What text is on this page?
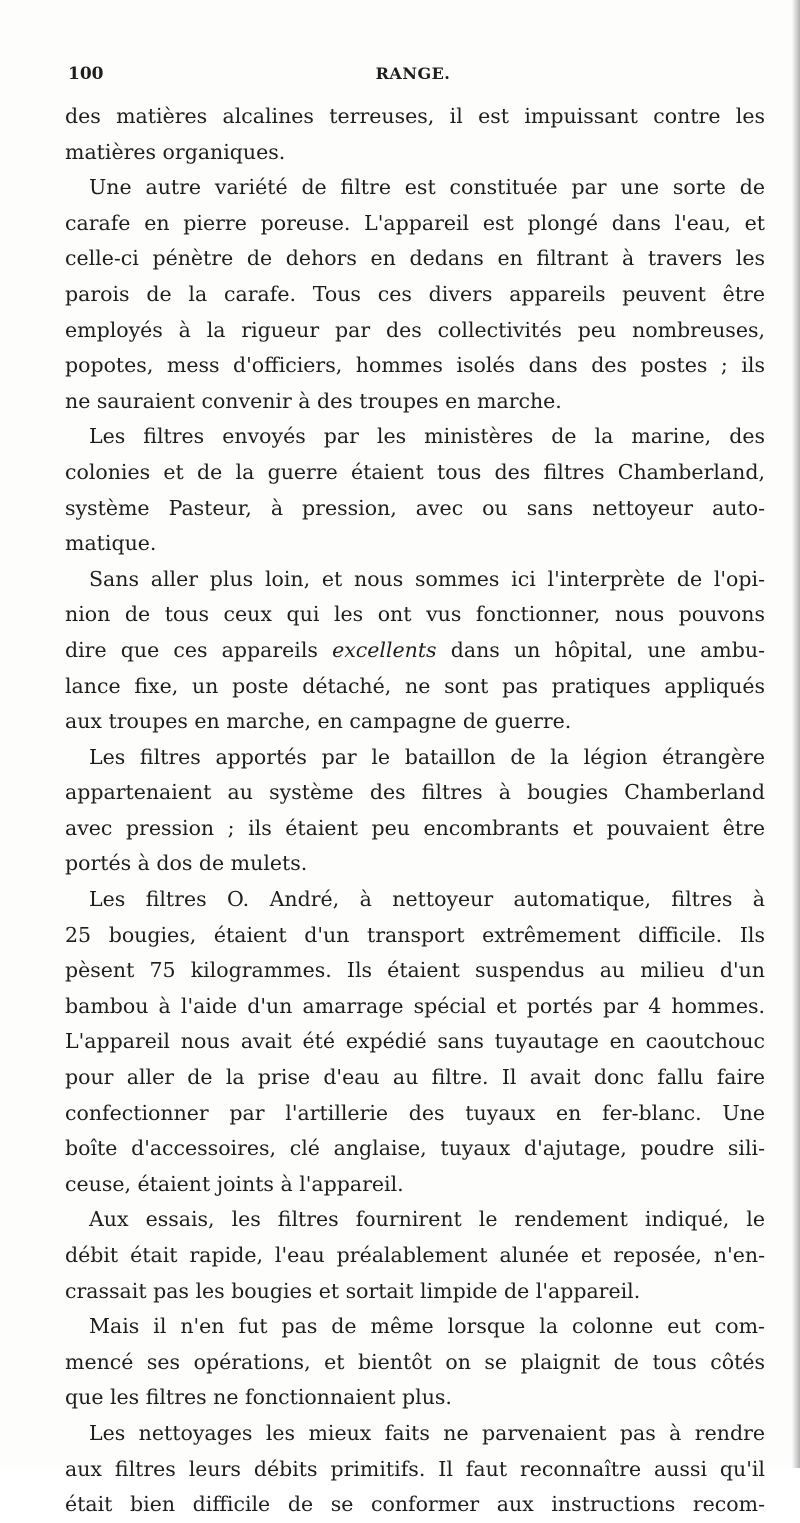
100	RANGE.
des matières alcalines terreuses, il est impuissant contre les
matières organiques.
Une autre variété de filtre est constituée par une sorte de
carafe en pierre poreuse. L'appareil est plongé dans l'eau, et
celle-ci pénètre de dehors en dedans en filtrant à travers les
parois de la carafe. Tous ces divers appareils peuvent être
employés à la rigueur par des collectivités peu nombreuses,
popotes, mess d'officiers, hommes isolés dans des postes ; ils
ne sauraient convenir à des troupes en marche.
Les filtres envoyés par les ministères de la marine, des
colonies et de la guerre étaient tous des filtres Chamberland,
système Pasteur, à pression, avec ou sans nettoyeur auto-
matique.
Sans aller plus loin, et nous sommes ici l'interprète de l'opi-
nion de tous ceux qui les ont vus fonctionner, nous pouvons
dire que ces appareils excellents dans un hôpital, une ambu-
lance fixe, un poste détaché, ne sont pas pratiques appliqués
aux troupes en marche, en campagne de guerre.
Les filtres apportés par le bataillon de la légion étrangère
appartenaient au système des filtres à bougies Chamberland
avec pression ; ils étaient peu encombrants et pouvaient être
portés à dos de mulets.
Les filtres O. André, à nettoyeur automatique, filtres à
25 bougies, étaient d'un transport extrêmement difficile. Ils
pèsent 75 kilogrammes. Ils étaient suspendus au milieu d'un
bambou à l'aide d'un amarrage spécial et portés par 4 hommes.
L'appareil nous avait été expédié sans tuyautage en caoutchouc
pour aller de la prise d'eau au filtre. Il avait donc fallu faire
confectionner par l'artillerie des tuyaux en fer-blanc. Une
boîte d'accessoires, clé anglaise, tuyaux d'ajutage, poudre sili-
ceuse, étaient joints à l'appareil.
Aux essais, les filtres fournirent le rendement indiqué, le
débit était rapide, l'eau préalablement alunée et reposée, n'en-
crassait pas les bougies et sortait limpide de l'appareil.
Mais il n'en fut pas de même lorsque la colonne eut com-
mencé ses opérations, et bientôt on se plaignit de tous côtés
que les filtres ne fonctionnaient plus.
Les nettoyages les mieux faits ne parvenaient pas à rendre
aux filtres leurs débits primitifs. Il faut reconnaître aussi qu'il
était bien difficile de se conformer aux instructions recom-
